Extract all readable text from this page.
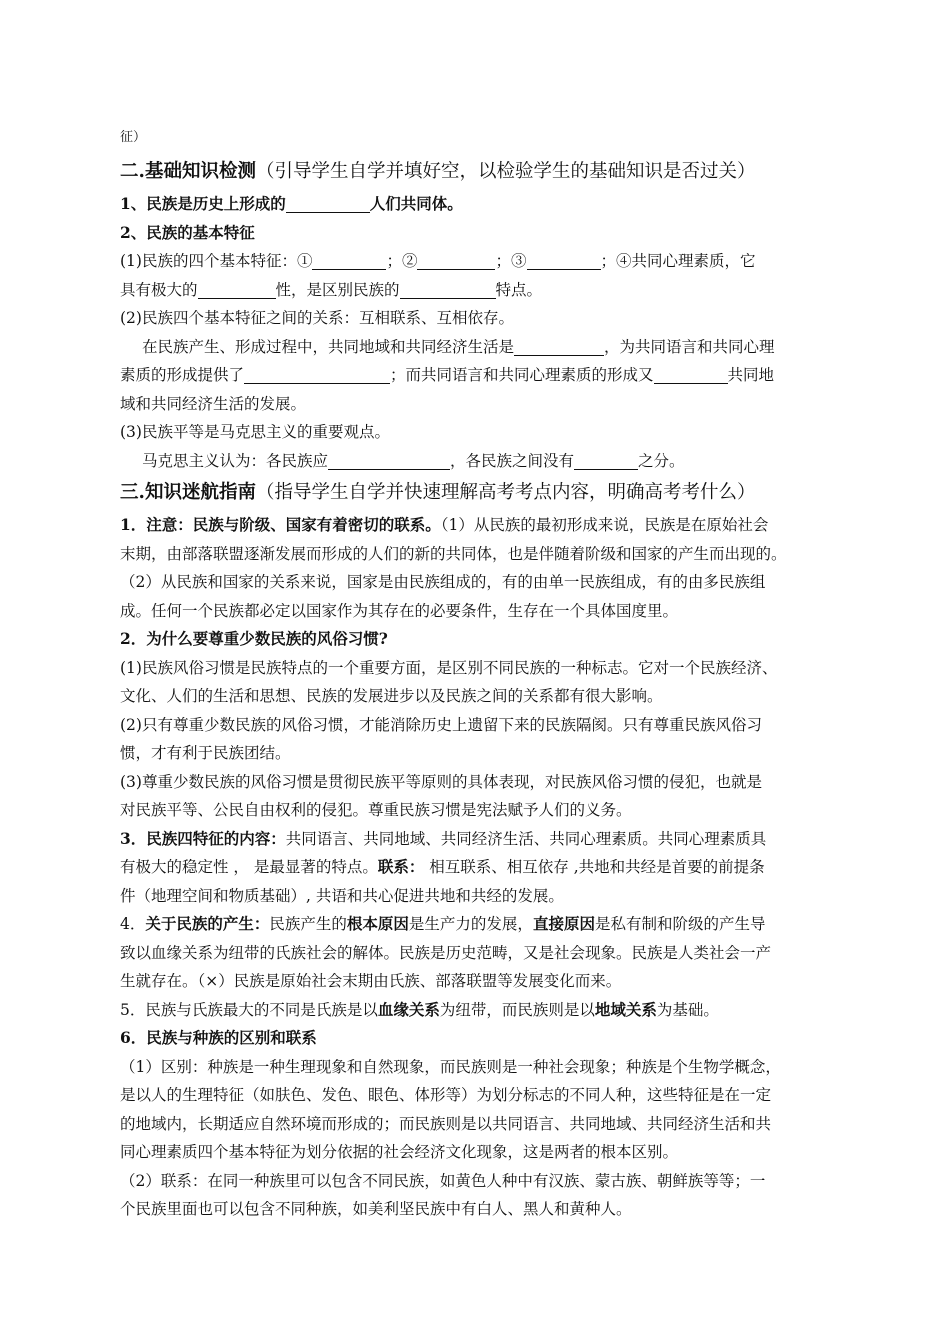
征）
二.基础知识检测（引导学生自学并填好空，以检验学生的基础知识是否过关）
1、民族是历史上形成的	人们共同体。
2、民族的基本特征
(1)民族的四个基本特征：①	；②	；③	；④共同心理素质，它
具有极大的	性，是区别民族的	特点。
(2)民族四个基本特征之间的关系：互相联系、互相依存。
在民族产生、形成过程中，共同地域和共同经济生活是	，为共同语言和共同心理
素质的形成提供了	；而共同语言和共同心理素质的形成又	共同地
域和共同经济生活的发展。
(3)民族平等是马克思主义的重要观点。
马克思主义认为：各民族应	，各民族之间没有	之分。
三.知识迷航指南（指导学生自学并快速理解高考考点内容，明确高考考什么）
1．注意：民族与阶级、国家有着密切的联系。（1）从民族的最初形成来说，民族是在原始社会
末期，由部落联盟逐渐发展而形成的人们的新的共同体，也是伴随着阶级和国家的产生而出现的。
（2）从民族和国家的关系来说，国家是由民族组成的，有的由单一民族组成，有的由多民族组
成。任何一个民族都必定以国家作为其存在的必要条件，生存在一个具体国度里。
2．为什么要尊重少数民族的风俗习惯?
(1)民族风俗习惯是民族特点的一个重要方面，是区别不同民族的一种标志。它对一个民族经济、
文化、人们的生活和思想、民族的发展进步以及民族之间的关系都有很大影响。
(2)只有尊重少数民族的风俗习惯，才能消除历史上遗留下来的民族隔阂。只有尊重民族风俗习
惯，才有利于民族团结。
(3)尊重少数民族的风俗习惯是贯彻民族平等原则的具体表现，对民族风俗习惯的侵犯，也就是
对民族平等、公民自由权利的侵犯。尊重民族习惯是宪法赋予人们的义务。
3．民族四特征的内容：共同语言、共同地域、共同经济生活、共同心理素质。共同心理素质具
有极大的稳定性 ， 是最显著的特点。联系： 相互联系、相互依存 ,共地和共经是首要的前提条
件（地理空间和物质基础）, 共语和共心促进共地和共经的发展。
4．关于民族的产生：民族产生的根本原因是生产力的发展，直接原因是私有制和阶级的产生导
致以血缘关系为纽带的氏族社会的解体。民族是历史范畴，又是社会现象。民族是人类社会一产
生就存在。（×）民族是原始社会末期由氏族、部落联盟等发展变化而来。
5．民族与氏族最大的不同是氏族是以血缘关系为纽带，而民族则是以地域关系为基础。
6．民族与种族的区别和联系
（1）区别：种族是一种生理现象和自然现象，而民族则是一种社会现象；种族是个生物学概念，
是以人的生理特征（如肤色、发色、眼色、体形等）为划分标志的不同人种，这些特征是在一定
的地域内，长期适应自然环境而形成的；而民族则是以共同语言、共同地域、共同经济生活和共
同心理素质四个基本特征为划分依据的社会经济文化现象，这是两者的根本区别。
（2）联系：在同一种族里可以包含不同民族，如黄色人种中有汉族、蒙古族、朝鲜族等等；一
个民族里面也可以包含不同种族，如美利坚民族中有白人、黑人和黄种人。
